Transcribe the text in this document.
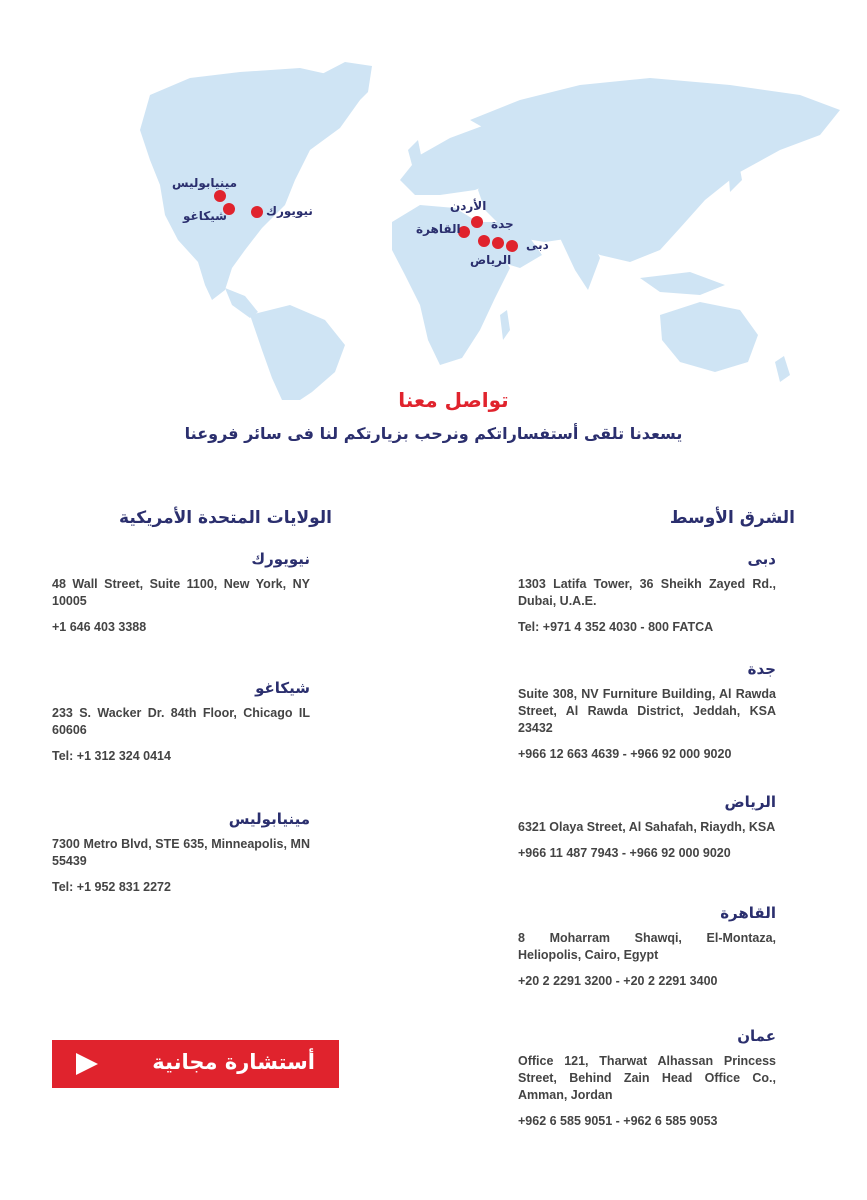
مينيابوليس
شيكاغو	نيويورك	الأردن
جدة
القاهرة
الرياض
دبى
تواصل معنا
يسعدنا تلقى أستفساراتكم ونرحب بزيارتكم لنا فى سائر فروعنا
الولايات المتحدة الأمريكية	الشرق الأوسط

نيويورك

48 Wall Street, Suite 1100, New York, NY 10005

+1 646 403 3388

شيكاغو

233 S. Wacker Dr. 84th Floor, Chicago IL 60606

Tel: +1 312 324 0414

مينيابوليس

7300 Metro Blvd, STE 635, Minneapolis, MN 55439

Tel: +1 952 831 2272

دبى

1303 Latifa Tower, 36 Sheikh Zayed Rd., Dubai, U.A.E.

Tel: +971 4 352 4030 - 800 FATCA

جدة

Suite 308, NV Furniture Building, Al Rawda Street, Al Rawda District, Jeddah, KSA 23432

+966 12 663 4639 - +966 92 000 9020

الرياض

6321 Olaya Street, Al Sahafah, Riaydh, KSA

+966 11 487 7943 - +966 92 000 9020

القاهرة

8 Moharram Shawqi, El-Montaza, Heliopolis, Cairo, Egypt

+20 2 2291 3200 - +20 2 2291 3400

عمان

Office 121, Tharwat Alhassan Princess Street, Behind Zain Head Office Co., Amman, Jordan

+962 6 585 9051 - +962 6 585 9053

أستشارة مجانية
